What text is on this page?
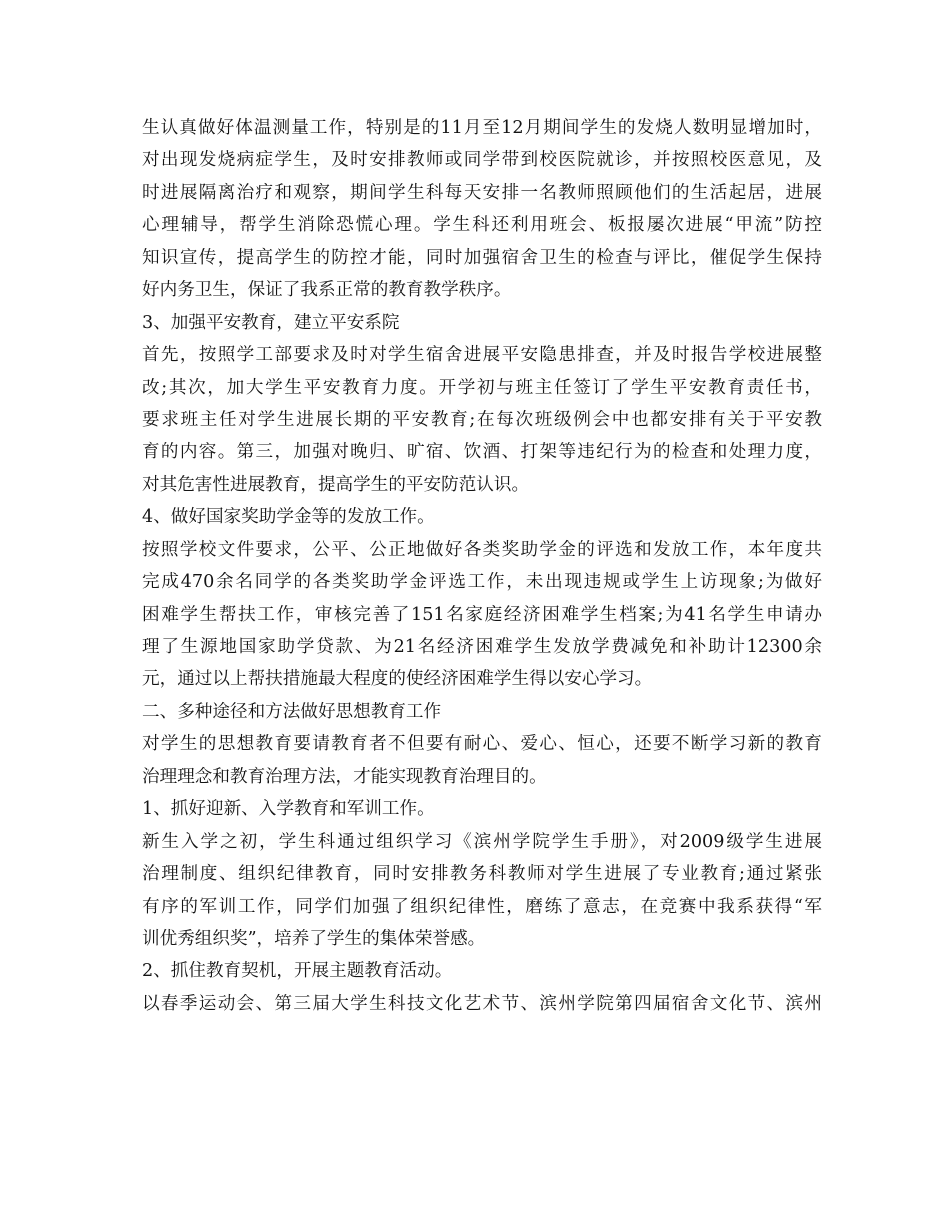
生认真做好体温测量工作，特别是的11月至12月期间学生的发烧人数明显增加时，
对出现发烧病症学生，及时安排教师或同学带到校医院就诊，并按照校医意见，及
时进展隔离治疗和观察，期间学生科每天安排一名教师照顾他们的生活起居，进展
心理辅导，帮学生消除恐慌心理。学生科还利用班会、板报屡次进展“甲流”防控
知识宣传，提高学生的防控才能，同时加强宿舍卫生的检查与评比，催促学生保持
好内务卫生，保证了我系正常的教育教学秩序。
3、加强平安教育，建立平安系院
首先，按照学工部要求及时对学生宿舍进展平安隐患排查，并及时报告学校进展整
改;其次，加大学生平安教育力度。开学初与班主任签订了学生平安教育责任书，
要求班主任对学生进展长期的平安教育;在每次班级例会中也都安排有关于平安教
育的内容。第三，加强对晚归、旷宿、饮酒、打架等违纪行为的检查和处理力度，
对其危害性进展教育，提高学生的平安防范认识。
4、做好国家奖助学金等的发放工作。
按照学校文件要求，公平、公正地做好各类奖助学金的评选和发放工作，本年度共
完成470余名同学的各类奖助学金评选工作，未出现违规或学生上访现象;为做好
困难学生帮扶工作，审核完善了151名家庭经济困难学生档案;为41名学生申请办
理了生源地国家助学贷款、为21名经济困难学生发放学费减免和补助计12300余
元，通过以上帮扶措施最大程度的使经济困难学生得以安心学习。
二、多种途径和方法做好思想教育工作
对学生的思想教育要请教育者不但要有耐心、爱心、恒心，还要不断学习新的教育
治理理念和教育治理方法，才能实现教育治理目的。
1、抓好迎新、入学教育和军训工作。
新生入学之初，学生科通过组织学习《滨州学院学生手册》，对2009级学生进展
治理制度、组织纪律教育，同时安排教务科教师对学生进展了专业教育;通过紧张
有序的军训工作，同学们加强了组织纪律性，磨练了意志，在竞赛中我系获得“军
训优秀组织奖”，培养了学生的集体荣誉感。
2、抓住教育契机，开展主题教育活动。
以春季运动会、第三届大学生科技文化艺术节、滨州学院第四届宿舍文化节、滨州
